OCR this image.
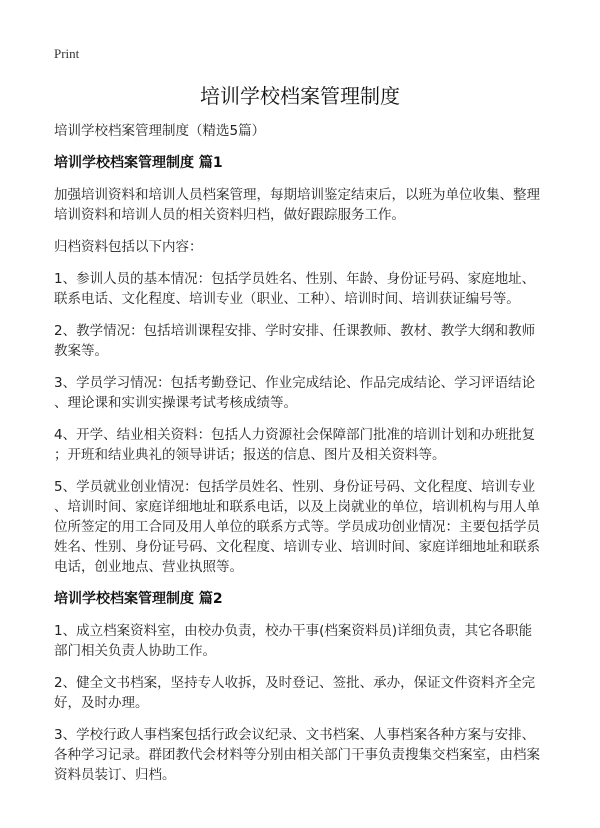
Print
培训学校档案管理制度

培训学校档案管理制度（精选5篇）

培训学校档案管理制度 篇1

加强培训资料和培训人员档案管理，每期培训鉴定结束后，以班为单位收集、整理
培训资料和培训人员的相关资料归档，做好跟踪服务工作。

归档资料包括以下内容：

1、参训人员的基本情况：包括学员姓名、性别、年龄、身份证号码、家庭地址、
联系电话、文化程度、培训专业（职业、工种）、培训时间、培训获证编号等。

2、教学情况：包括培训课程安排、学时安排、任课教师、教材、教学大纲和教师
教案等。

3、学员学习情况：包括考勤登记、作业完成结论、作品完成结论、学习评语结论
、理论课和实训实操课考试考核成绩等。

4、开学、结业相关资料：包括人力资源社会保障部门批准的培训计划和办班批复
；开班和结业典礼的领导讲话；报送的信息、图片及相关资料等。

5、学员就业创业情况：包括学员姓名、性别、身份证号码、文化程度、培训专业
、培训时间、家庭详细地址和联系电话，以及上岗就业的单位，培训机构与用人单
位所签定的用工合同及用人单位的联系方式等。学员成功创业情况：主要包括学员
姓名、性别、身份证号码、文化程度、培训专业、培训时间、家庭详细地址和联系
电话，创业地点、营业执照等。

培训学校档案管理制度 篇2

1、成立档案资料室，由校办负责，校办干事(档案资料员)详细负责，其它各职能
部门相关负责人协助工作。

2、健全文书档案，坚持专人收拆，及时登记、签批、承办，保证文件资料齐全完
好，及时办理。

3、学校行政人事档案包括行政会议纪录、文书档案、人事档案各种方案与安排、
各种学习记录。群团教代会材料等分别由相关部门干事负责搜集交档案室，由档案
资料员装订、归档。
